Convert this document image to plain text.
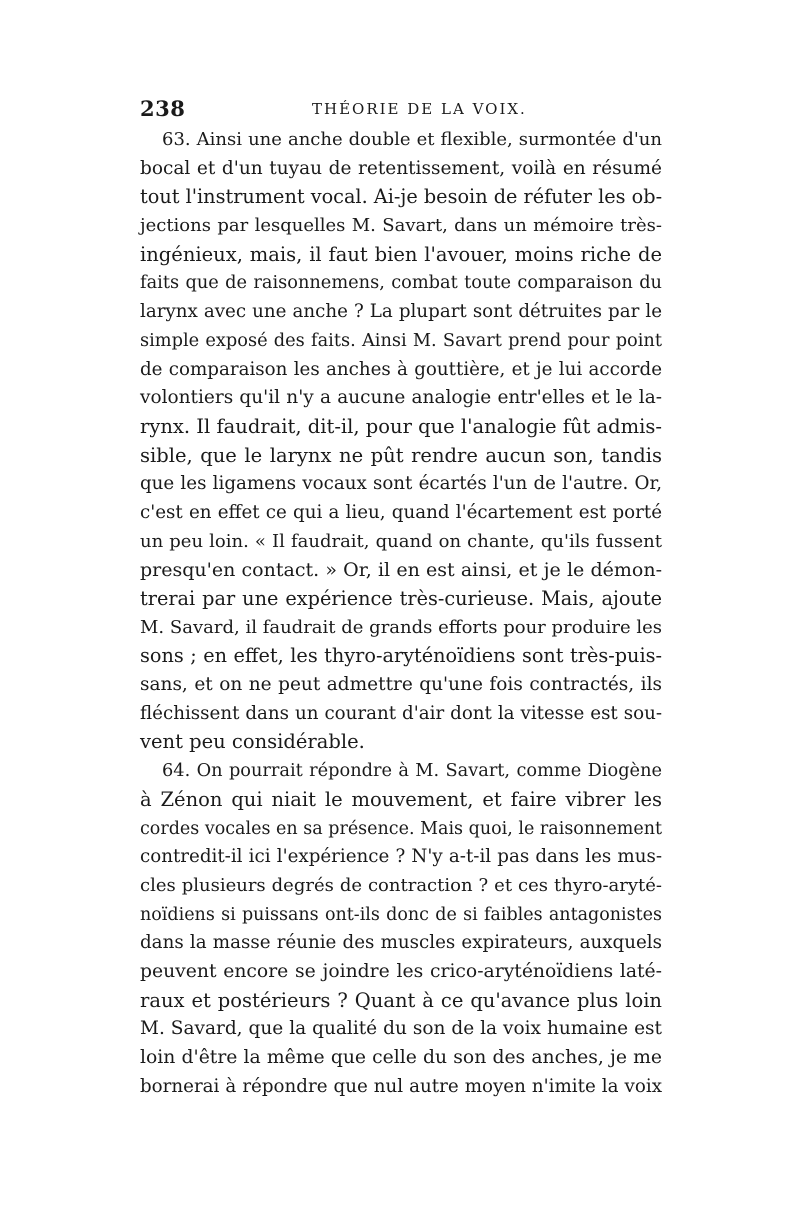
238	THÉORIE DE LA VOIX.
63. Ainsi une anche double et flexible, surmontée d'un
bocal et d'un tuyau de retentissement, voilà en résumé
tout l'instrument vocal. Ai-je besoin de réfuter les ob-
jections par lesquelles M. Savart, dans un mémoire très-
ingénieux, mais, il faut bien l'avouer, moins riche de
faits que de raisonnemens, combat toute comparaison du
larynx avec une anche ? La plupart sont détruites par le
simple exposé des faits. Ainsi M. Savart prend pour point
de comparaison les anches à gouttière, et je lui accorde
volontiers qu'il n'y a aucune analogie entr'elles et le la-
rynx. Il faudrait, dit-il, pour que l'analogie fût admis-
sible, que le larynx ne pût rendre aucun son, tandis
que les ligamens vocaux sont écartés l'un de l'autre. Or,
c'est en effet ce qui a lieu, quand l'écartement est porté
un peu loin. « Il faudrait, quand on chante, qu'ils fussent
presqu'en contact. » Or, il en est ainsi, et je le démon-
trerai par une expérience très-curieuse. Mais, ajoute
M. Savard, il faudrait de grands efforts pour produire les
sons ; en effet, les thyro-aryténoïdiens sont très-puis-
sans, et on ne peut admettre qu'une fois contractés, ils
fléchissent dans un courant d'air dont la vitesse est sou-
vent peu considérable.
64. On pourrait répondre à M. Savart, comme Diogène
à Zénon qui niait le mouvement, et faire vibrer les
cordes vocales en sa présence. Mais quoi, le raisonnement
contredit-il ici l'expérience ? N'y a-t-il pas dans les mus-
cles plusieurs degrés de contraction ? et ces thyro-aryté-
noïdiens si puissans ont-ils donc de si faibles antagonistes
dans la masse réunie des muscles expirateurs, auxquels
peuvent encore se joindre les crico-aryténoïdiens laté-
raux et postérieurs ? Quant à ce qu'avance plus loin
M. Savard, que la qualité du son de la voix humaine est
loin d'être la même que celle du son des anches, je me
bornerai à répondre que nul autre moyen n'imite la voix
